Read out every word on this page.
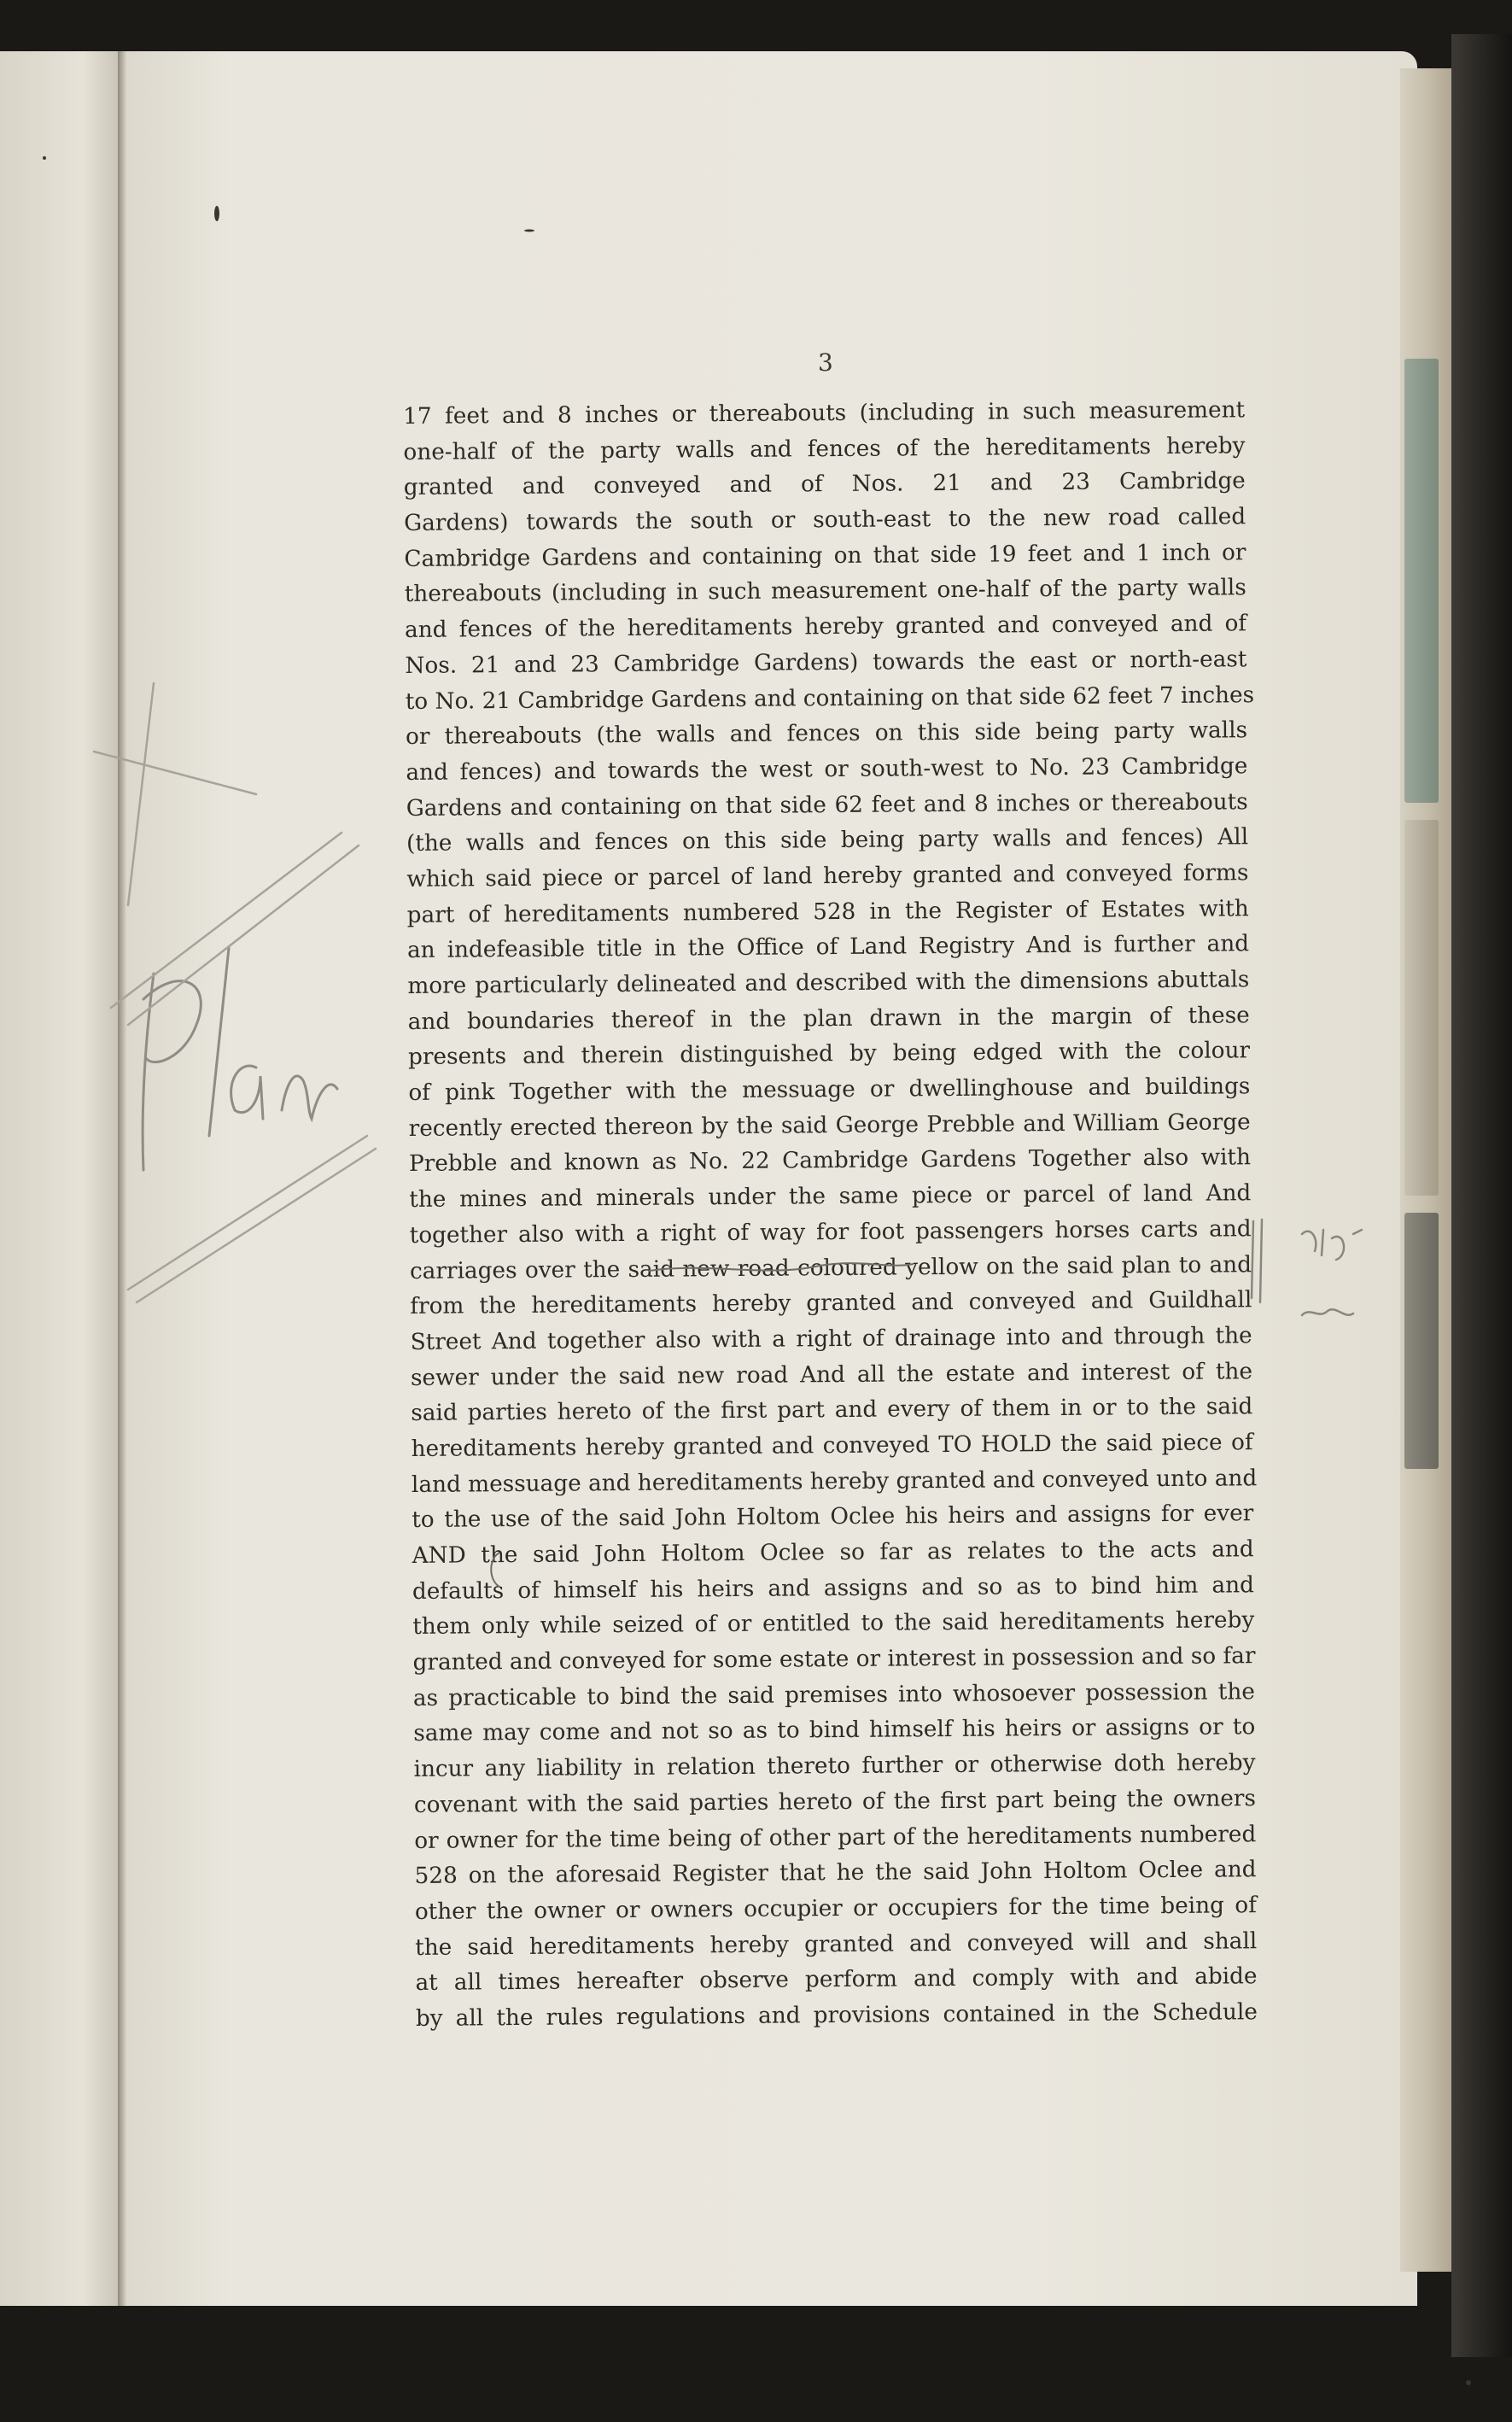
3
17 feet and 8 inches or thereabouts (including in such measurement
one-half of the party walls and fences of the hereditaments hereby
granted and conveyed and of Nos. 21 and 23 Cambridge
Gardens) towards the south or south-east to the new road called
Cambridge Gardens and containing on that side 19 feet and 1 inch or
thereabouts (including in such measurement one-half of the party walls
and fences of the hereditaments hereby granted and conveyed and of
Nos. 21 and 23 Cambridge Gardens) towards the east or north-east
to No. 21 Cambridge Gardens and containing on that side 62 feet 7 inches
or thereabouts (the walls and fences on this side being party walls
and fences) and towards the west or south-west to No. 23 Cambridge
Gardens and containing on that side 62 feet and 8 inches or thereabouts
(the walls and fences on this side being party walls and fences) All
which said piece or parcel of land hereby granted and conveyed forms
part of hereditaments numbered 528 in the Register of Estates with
an indefeasible title in the Office of Land Registry And is further and
more particularly delineated and described with the dimensions abuttals
and boundaries thereof in the plan drawn in the margin of these
presents and therein distinguished by being edged with the colour
of pink Together with the messuage or dwellinghouse and buildings
recently erected thereon by the said George Prebble and William George
Prebble and known as No. 22 Cambridge Gardens Together also with
the mines and minerals under the same piece or parcel of land And
together also with a right of way for foot passengers horses carts and
carriages over the said new road coloured yellow on the said plan to and
from the hereditaments hereby granted and conveyed and Guildhall
Street And together also with a right of drainage into and through the
sewer under the said new road And all the estate and interest of the
said parties hereto of the first part and every of them in or to the said
hereditaments hereby granted and conveyed TO HOLD the said piece of
land messuage and hereditaments hereby granted and conveyed unto and
to the use of the said John Holtom Oclee his heirs and assigns for ever
AND the said John Holtom Oclee so far as relates to the acts and
defaults of himself his heirs and assigns and so as to bind him and
them only while seized of or entitled to the said hereditaments hereby
granted and conveyed for some estate or interest in possession and so far
as practicable to bind the said premises into whosoever possession the
same may come and not so as to bind himself his heirs or assigns or to
incur any liability in relation thereto further or otherwise doth hereby
covenant with the said parties hereto of the first part being the owners
or owner for the time being of other part of the hereditaments numbered
528 on the aforesaid Register that he the said John Holtom Oclee and
other the owner or owners occupier or occupiers for the time being of
the said hereditaments hereby granted and conveyed will and shall
at all times hereafter observe perform and comply with and abide
by all the rules regulations and provisions contained in the Schedule
